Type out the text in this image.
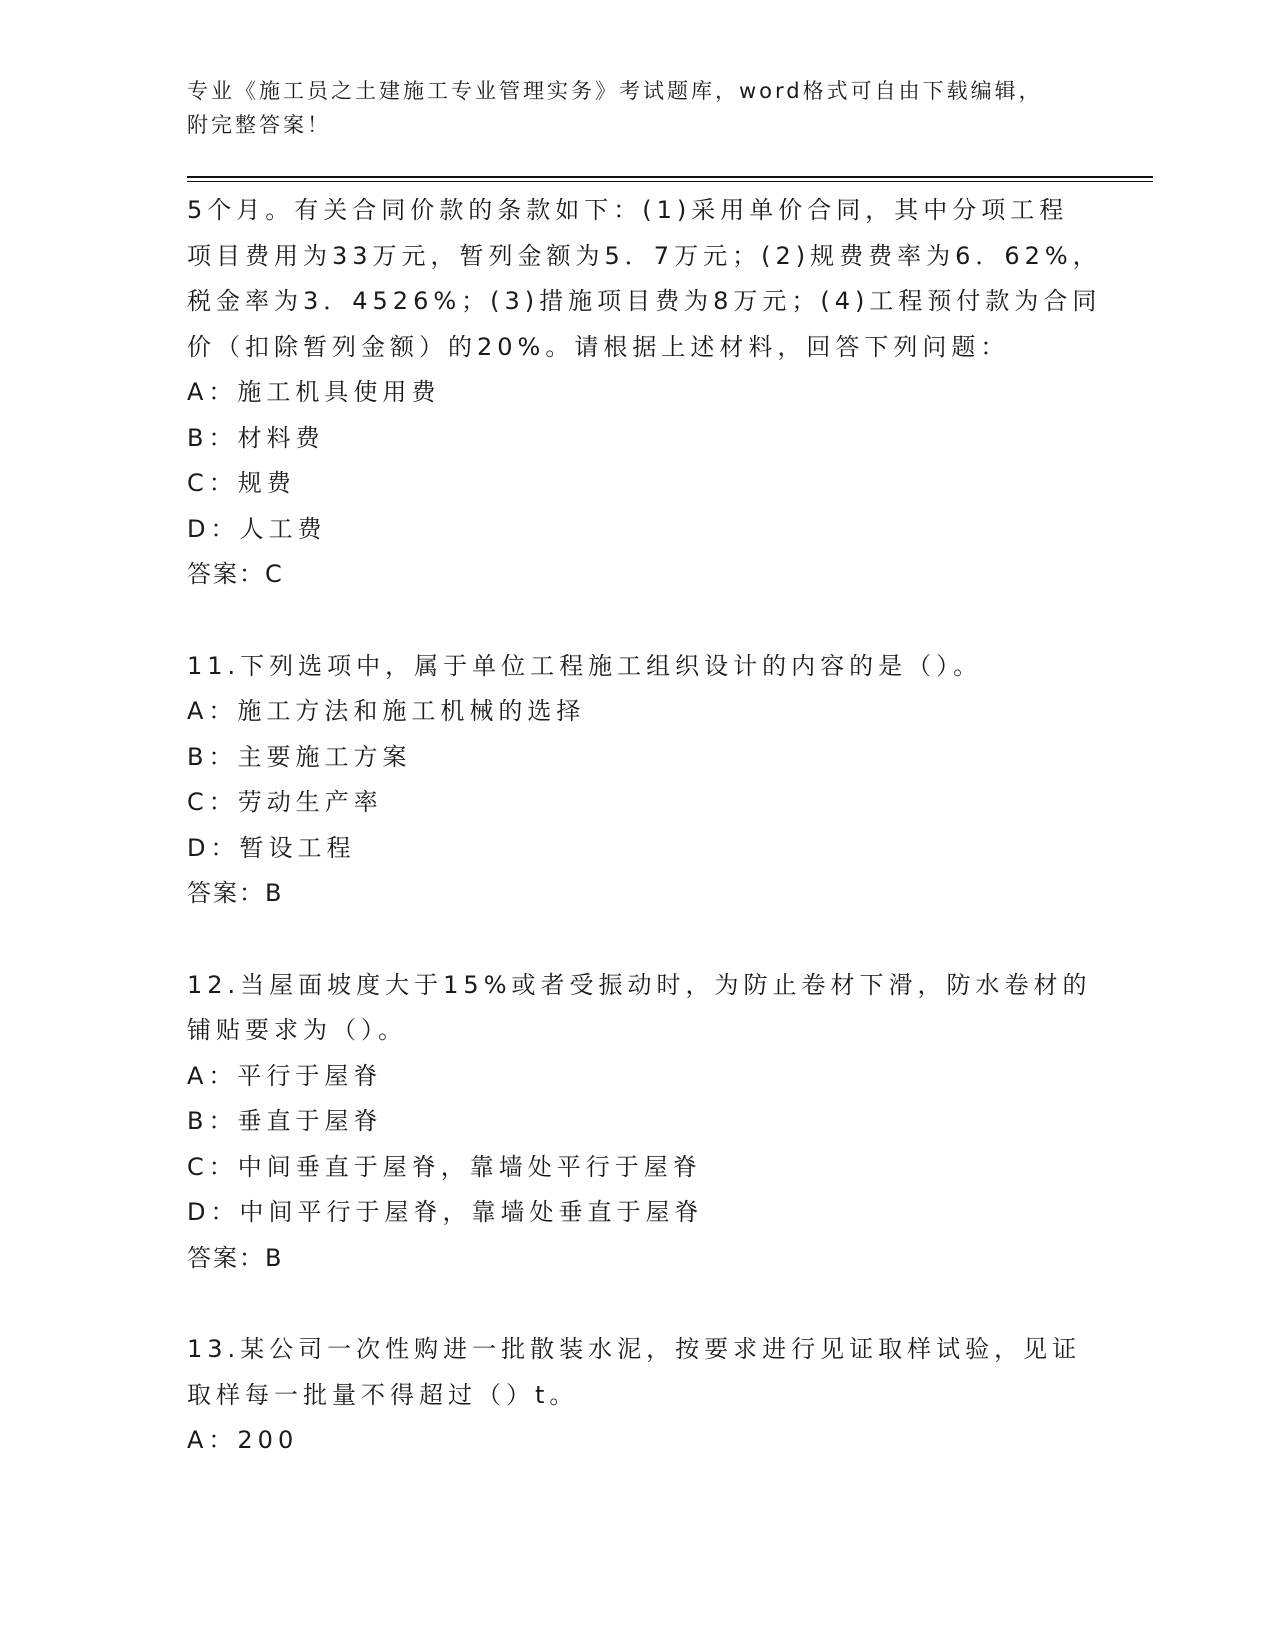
专业《施工员之土建施工专业管理实务》考试题库，word格式可自由下载编辑，
附完整答案！
5个月。有关合同价款的条款如下：(1)采用单价合同，其中分项工程
项目费用为33万元，暂列金额为5．7万元；(2)规费费率为6．62%，
税金率为3．4526%；(3)措施项目费为8万元；(4)工程预付款为合同
价（扣除暂列金额）的20%。请根据上述材料，回答下列问题：
A：施工机具使用费
B：材料费
C：规费
D：人工费
答案：C
11.下列选项中，属于单位工程施工组织设计的内容的是（）。
A：施工方法和施工机械的选择
B：主要施工方案
C：劳动生产率
D：暂设工程
答案：B
12.当屋面坡度大于15%或者受振动时，为防止卷材下滑，防水卷材的
铺贴要求为（）。
A：平行于屋脊
B：垂直于屋脊
C：中间垂直于屋脊，靠墙处平行于屋脊
D：中间平行于屋脊，靠墙处垂直于屋脊
答案：B
13.某公司一次性购进一批散装水泥，按要求进行见证取样试验，见证
取样每一批量不得超过（）t。
A：200
